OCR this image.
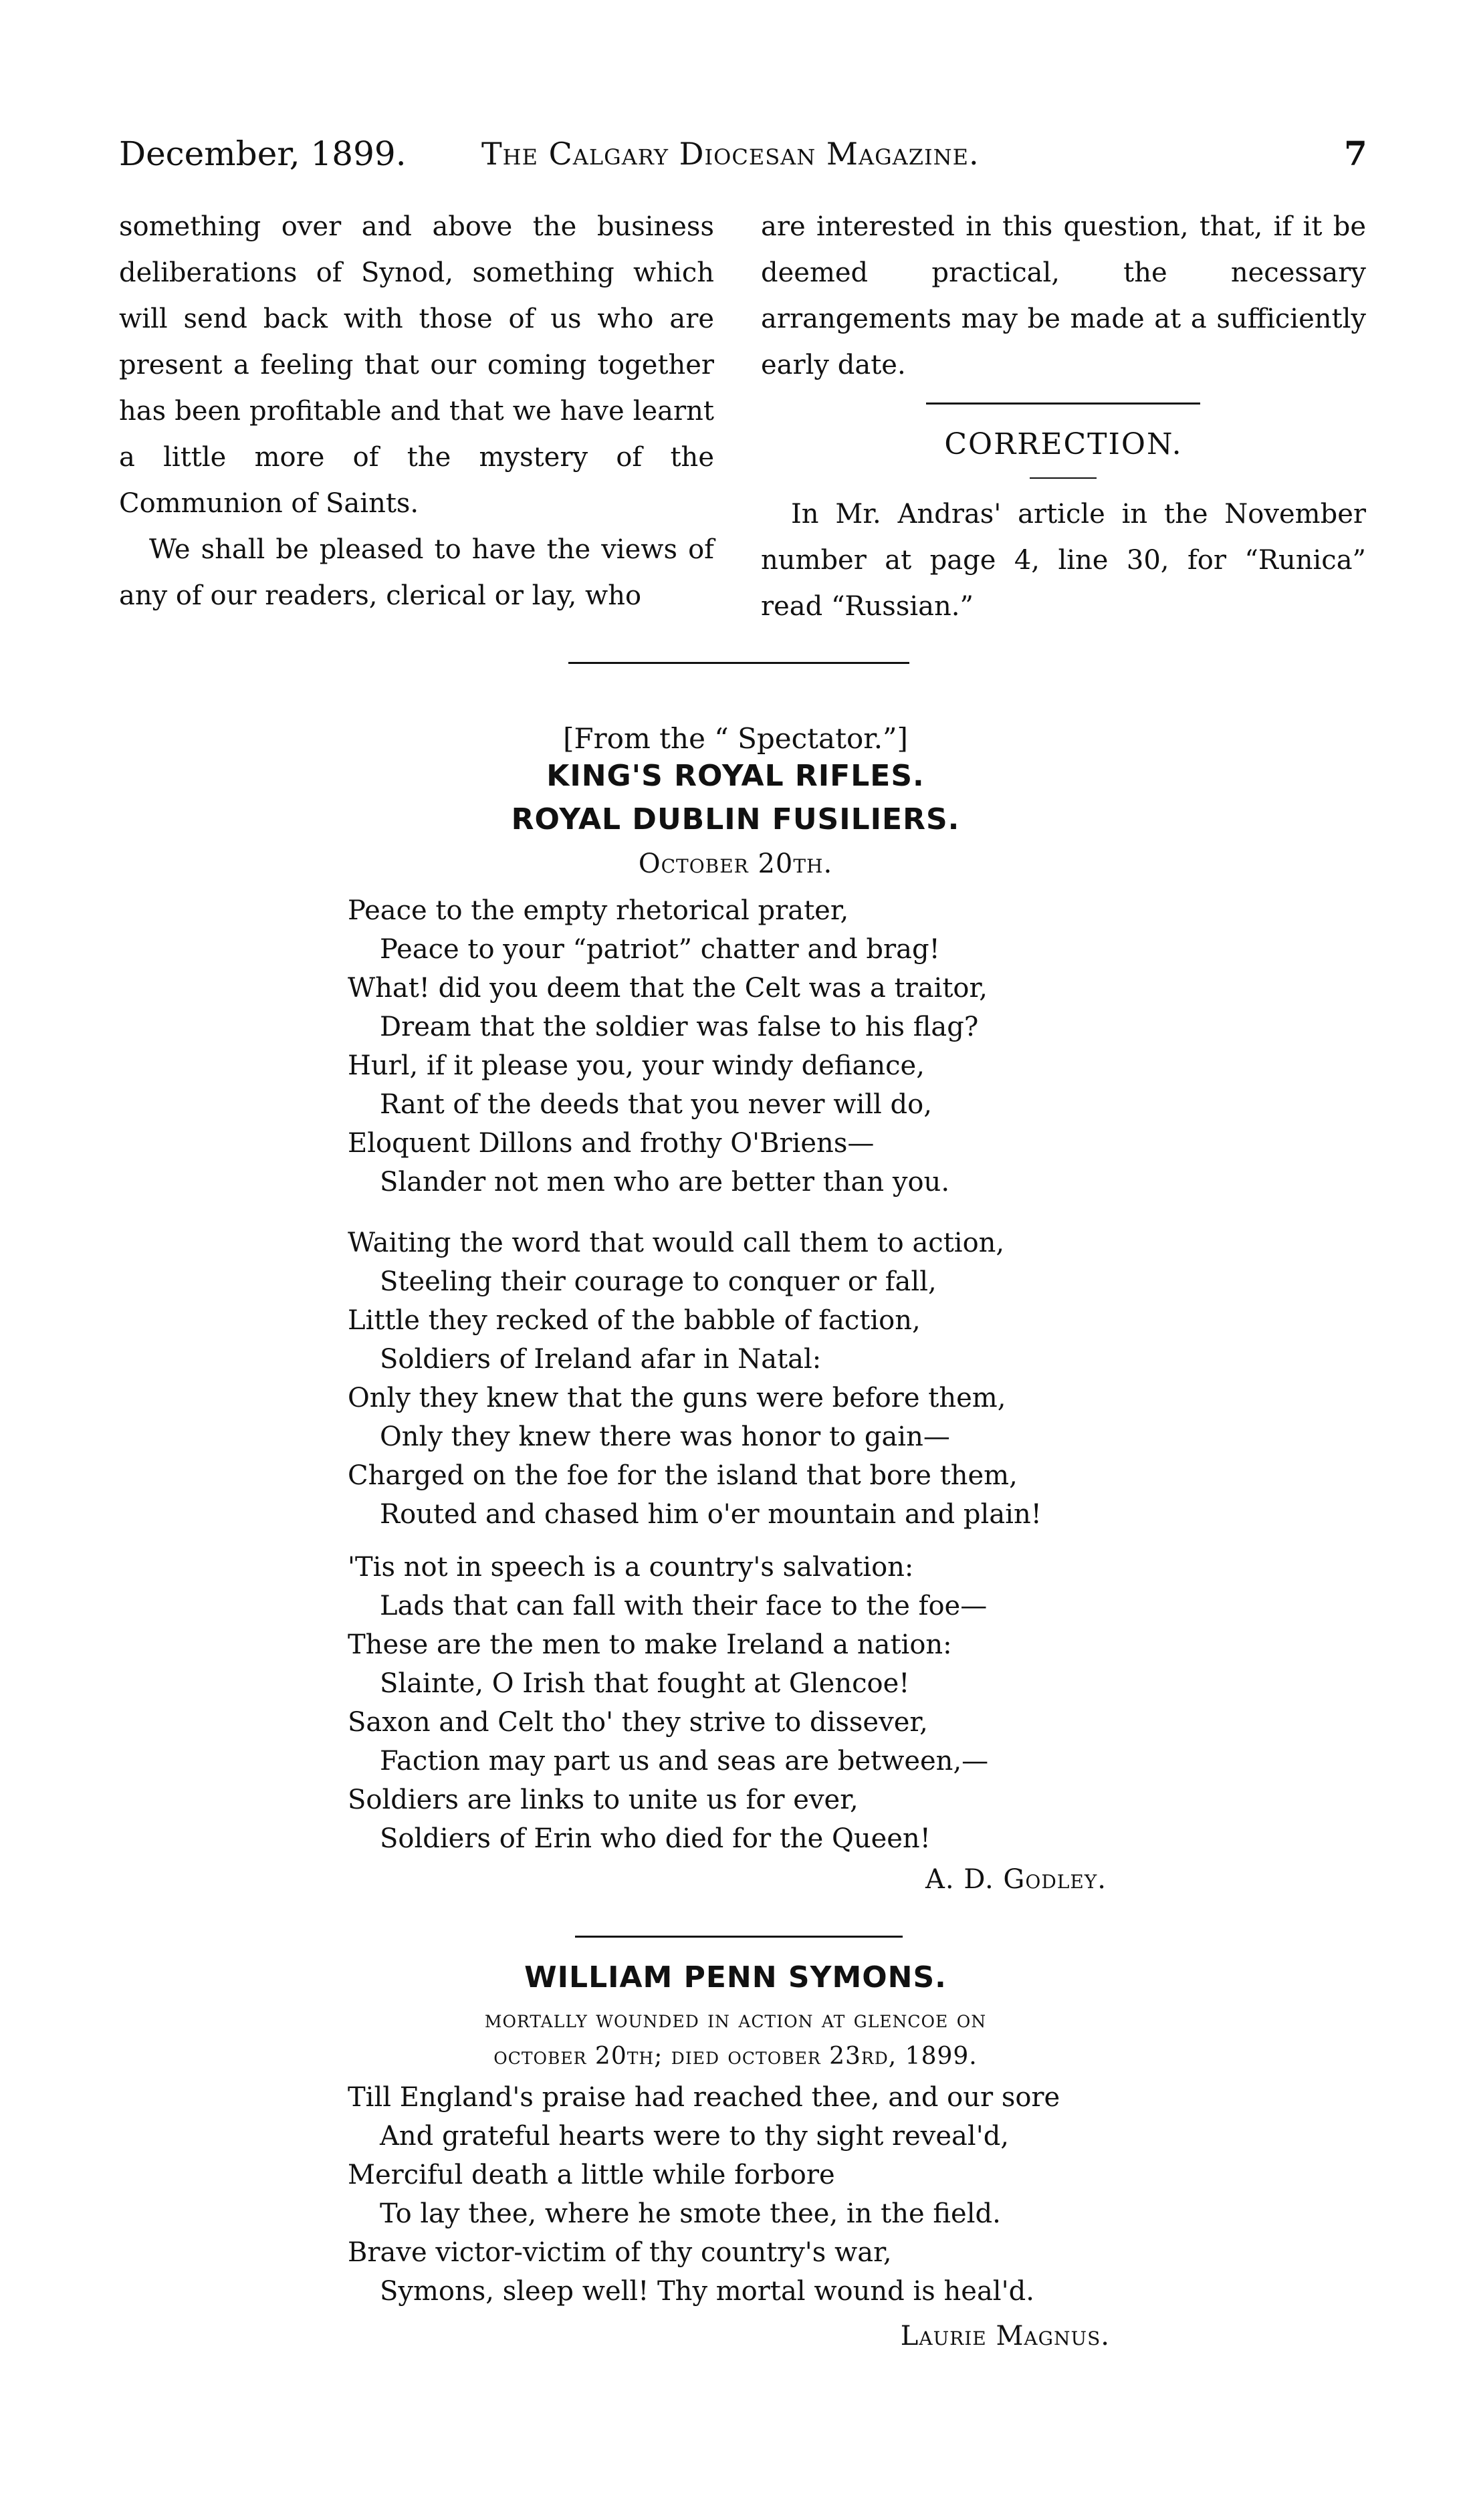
December, 1899. The Calgary Diocesan Magazine.	7

something over and above the business deliberations of Synod, something which will send back with those of us who are present a feeling that our coming together has been profitable and that we have learnt a little more of the mystery of the Communion of Saints.

We shall be pleased to have the views of any of our readers, clerical or lay, who

are interested in this question, that, if it be deemed practical, the necessary arrangements may be made at a sufficiently early date.

CORRECTION.
In Mr. Andras' article in the November number at page 4, line 30, for “Runica” read “Russian.”
[From the “ Spectator.”]
KING'S ROYAL RIFLES.
ROYAL DUBLIN FUSILIERS.
October 20th.
Peace to the empty rhetorical prater,
Peace to your “patriot” chatter and brag!
What! did you deem that the Celt was a traitor,
Dream that the soldier was false to his flag?
Hurl, if it please you, your windy defiance,
Rant of the deeds that you never will do,
Eloquent Dillons and frothy O'Briens—
Slander not men who are better than you.
Waiting the word that would call them to action,
Steeling their courage to conquer or fall,
Little they recked of the babble of faction,
Soldiers of Ireland afar in Natal:
Only they knew that the guns were before them,
Only they knew there was honor to gain—
Charged on the foe for the island that bore them,
Routed and chased him o'er mountain and plain!
'Tis not in speech is a country's salvation:
Lads that can fall with their face to the foe—
These are the men to make Ireland a nation:
Slainte, O Irish that fought at Glencoe!
Saxon and Celt tho' they strive to dissever,
Faction may part us and seas are between,—
Soldiers are links to unite us for ever,
Soldiers of Erin who died for the Queen!
A. D. Godley.
WILLIAM PENN SYMONS.
mortally wounded in action at glencoe on
october 20th; died october 23rd, 1899.
Till England's praise had reached thee, and our sore
And grateful hearts were to thy sight reveal'd,
Merciful death a little while forbore
To lay thee, where he smote thee, in the field.
Brave victor-victim of thy country's war,
Symons, sleep well! Thy mortal wound is heal'd.
Laurie Magnus.
